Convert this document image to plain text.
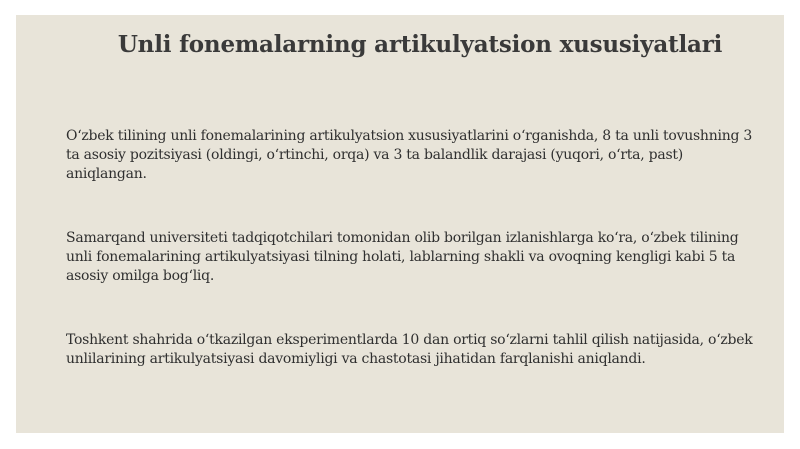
Unli fonemalarning artikulyatsion xususiyatlari

O‘zbek tilining unli fonemalarining artikulyatsion xususiyatlarini o‘rganishda, 8 ta unli tovushning 3 ta asosiy pozitsiyasi (oldingi, o‘rtinchi, orqa) va 3 ta balandlik darajasi (yuqori, o‘rta, past) aniqlangan.

Samarqand universiteti tadqiqotchilari tomonidan olib borilgan izlanishlarga ko‘ra, o‘zbek tilining unli fonemalarining artikulyatsiyasi tilning holati, lablarning shakli va ovoqning kengligi kabi 5 ta asosiy omilga bog‘liq.

Toshkent shahrida o‘tkazilgan eksperimentlarda 10 dan ortiq so‘zlarni tahlil qilish natijasida, o‘zbek unlilarining artikulyatsiyasi davomiyligi va chastotasi jihatidan farqlanishi aniqlandi.
